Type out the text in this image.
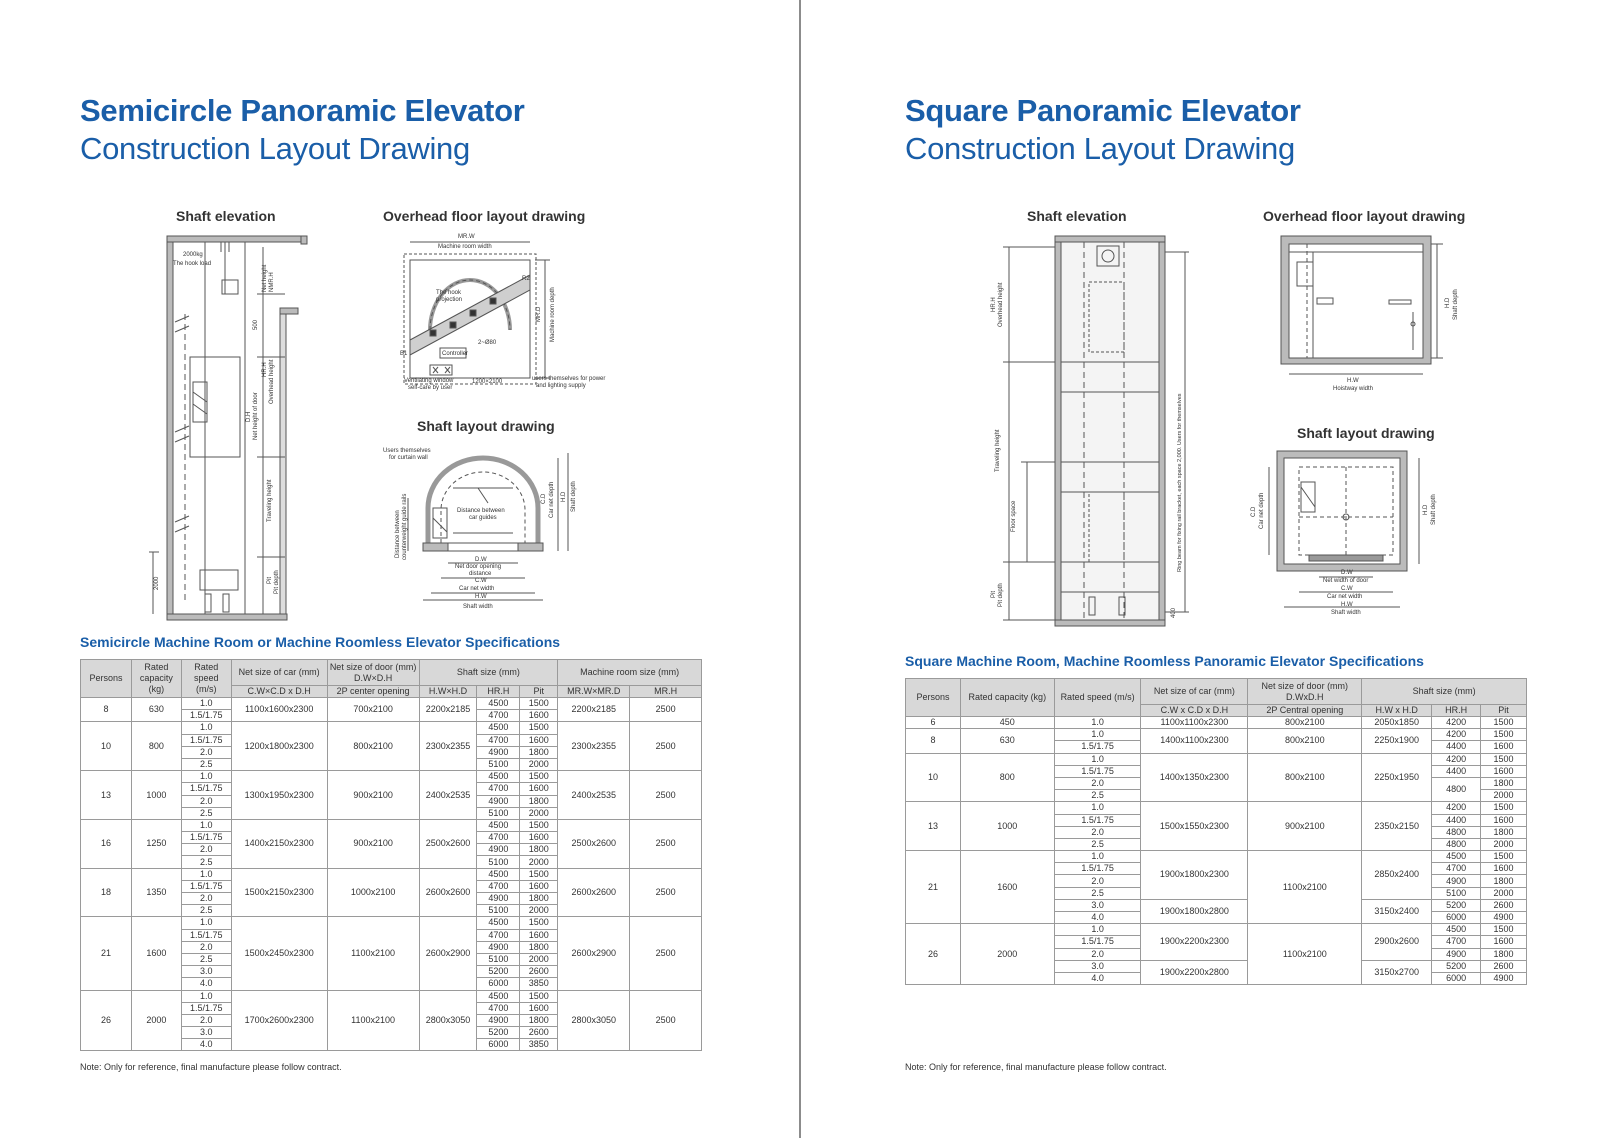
Semicircle Panoramic Elevator
Construction Layout Drawing
Shaft elevation	Overhead floor layout drawing
Shaft layout drawing
2000kg
The hook load
Net height NMR.H
500
HR.H Overhead height
D.H Net height of door
Traveling height
Pit Pit depth
2000
MR.W
Machine room width
R2
The hook
projection
MR.D Machine room depth
Controller
2~Ø80
B1
Ventilating window
self-care by user
1200×2100	users themselves for power
and lighting supply
Users themselves
for curtain wall
Distance between
car guides
Distance between counterweight guide rails	C.D Car net depth H.D Shaft depth
D.W
Net door opening
distance
C.W
Car net width
H.W
Shaft width
Semicircle Machine Room or Machine Roomless Elevator Specifications
Persons	Rated capacity (kg)	Rated speed (m/s)	Net size of car (mm)	Net size of door (mm) D.W×D.H	Shaft size (mm)			Machine room size (mm)	
			C.W×C.D x D.H	2P center opening	H.W×H.D	HR.H	Pit	MR.W×MR.D	MR.H
8	630	1.0	1100x1600x2300	700x2100	2200x2185	4500	1500	2200x2185	2500
		1.5/1.75				4700	1600		
10	800	1.0	1200x1800x2300	800x2100	2300x2355	4500	1500	2300x2355	2500
		1.5/1.75				4700	1600		
		2.0				4900	1800		
		2.5				5100	2000		
13	1000	1.0	1300x1950x2300	900x2100	2400x2535	4500	1500	2400x2535	2500
		1.5/1.75				4700	1600		
		2.0				4900	1800		
		2.5				5100	2000		
16	1250	1.0	1400x2150x2300	900x2100	2500x2600	4500	1500	2500x2600	2500
		1.5/1.75				4700	1600		
		2.0				4900	1800		
		2.5				5100	2000		
18	1350	1.0	1500x2150x2300	1000x2100	2600x2600	4500	1500	2600x2600	2500
		1.5/1.75				4700	1600		
		2.0				4900	1800		
		2.5				5100	2000		
21	1600	1.0	1500x2450x2300	1100x2100	2600x2900	4500	1500	2600x2900	2500
		1.5/1.75				4700	1600		
		2.0				4900	1800		
		2.5				5100	2000		
		3.0				5200	2600		
		4.0				6000	3850		
26	2000	1.0	1700x2600x2300	1100x2100	2800x3050	4500	1500	2800x3050	2500
		1.5/1.75				4700	1600		
		2.0				4900	1800		
		3.0				5200	2600		
		4.0				6000	3850		
Note: Only for reference, final manufacture please follow contract.
Square Panoramic Elevator
Construction Layout Drawing
Shaft elevation	Overhead floor layout drawing
Shaft layout drawing
HR.H Overhead height
Traveling height
Floor space
Pit Pit depth
Ring beam for fixing rail bracket, each space 2,000. Users for themselves
400
H.D Shaft depth
H.W
Hoistway width
C.D Car net depth	H.D Shaft depth
D.W
Net width of door
C.W
Car net width
H.W
Shaft width
Square Machine Room, Machine Roomless Panoramic Elevator Specifications
Persons	Rated capacity (kg)	Rated speed (m/s)	Net size of car (mm)	Net size of door (mm) D.WxD.H	Shaft size (mm)		
			C.W x C.D x D.H	2P Central opening	H.W x H.D	HR.H	Pit
6	450	1.0	1100x1100x2300	800x2100	2050x1850	4200	1500
8	630	1.0	1400x1100x2300	800x2100	2250x1900	4200	1500
		1.5/1.75				4400	1600
10	800	1.0	1400x1350x2300	800x2100	2250x1950	4200	1500
		1.5/1.75				4400	1600
		2.0				4800	1800
		2.5					2000
13	1000	1.0	1500x1550x2300	900x2100	2350x2150	4200	1500
		1.5/1.75				4400	1600
		2.0				4800	1800
		2.5				4800	2000
21	1600	1.0	1900x1800x2300	1100x2100	2850x2400	4500	1500
		1.5/1.75				4700	1600
		2.0				4900	1800
		2.5				5100	2000
		3.0	1900x1800x2800		3150x2400	5200	2600
		4.0				6000	4900
26	2000	1.0	1900x2200x2300	1100x2100	2900x2600	4500	1500
		1.5/1.75				4700	1600
		2.0				4900	1800
		3.0	1900x2200x2800		3150x2700	5200	2600
		4.0				6000	4900
Note: Only for reference, final manufacture please follow contract.
